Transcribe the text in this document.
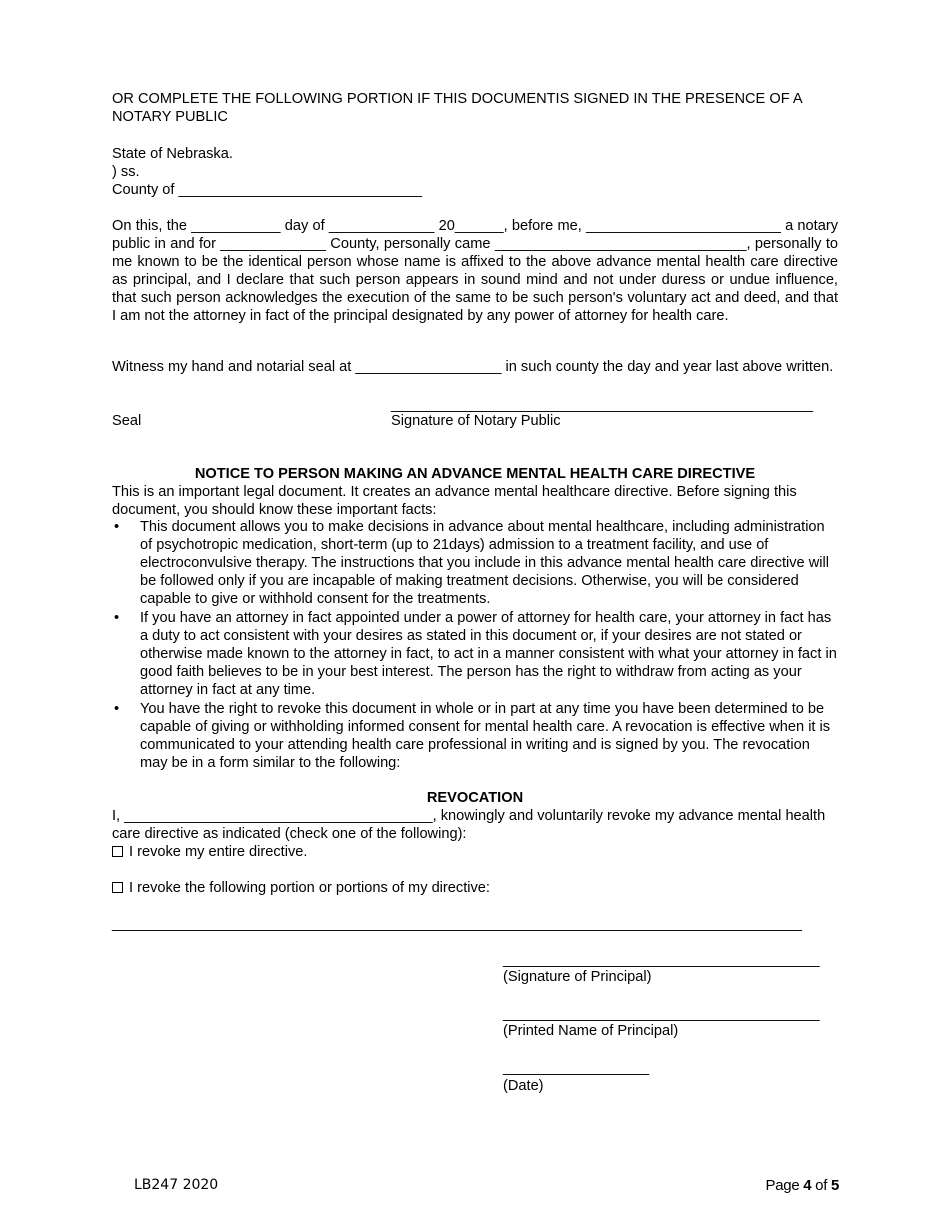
OR COMPLETE THE FOLLOWING PORTION IF THIS DOCUMENTIS SIGNED IN THE PRESENCE OF A NOTARY PUBLIC
State of Nebraska.
) ss.
County of ______________________________
On this, the ___________ day of _____________ 20______, before me, ________________________ a notary public in and for _____________ County, personally came _______________________________, personally to me known to be the identical person whose name is affixed to the above advance mental health care directive as principal, and I declare that such person appears in sound mind and not under duress or undue influence, that such person acknowledges the execution of the same to be such person's voluntary act and deed, and that I am not the attorney in fact of the principal designated by any power of attorney for health care.
Witness my hand and notarial seal at __________________ in such county the day and year last above written.
____________________________________________________
Seal	Signature of Notary Public
NOTICE TO PERSON MAKING AN ADVANCE MENTAL HEALTH CARE DIRECTIVE
This is an important legal document. It creates an advance mental healthcare directive. Before signing this document, you should know these important facts:
• This document allows you to make decisions in advance about mental healthcare, including administration of psychotropic medication, short-term (up to 21days) admission to a treatment facility, and use of electroconvulsive therapy. The instructions that you include in this advance mental health care directive will be followed only if you are incapable of making treatment decisions. Otherwise, you will be considered capable to give or withhold consent for the treatments.
• If you have an attorney in fact appointed under a power of attorney for health care, your attorney in fact has a duty to act consistent with your desires as stated in this document or, if your desires are not stated or otherwise made known to the attorney in fact, to act in a manner consistent with what your attorney in fact in good faith believes to be in your best interest. The person has the right to withdraw from acting as your attorney in fact at any time.
• You have the right to revoke this document in whole or in part at any time you have been determined to be capable of giving or withholding informed consent for mental health care. A revocation is effective when it is communicated to your attending health care professional in writing and is signed by you. The revocation may be in a form similar to the following:
REVOCATION
I, ______________________________________, knowingly and voluntarily revoke my advance mental health care directive as indicated (check one of the following):
I revoke my entire directive.
I revoke the following portion or portions of my directive:
_____________________________________________________________________________________
_______________________________________
(Signature of Principal)
_______________________________________
(Printed Name of Principal)
__________________
(Date)
LB247 2020	Page 4 of 5
